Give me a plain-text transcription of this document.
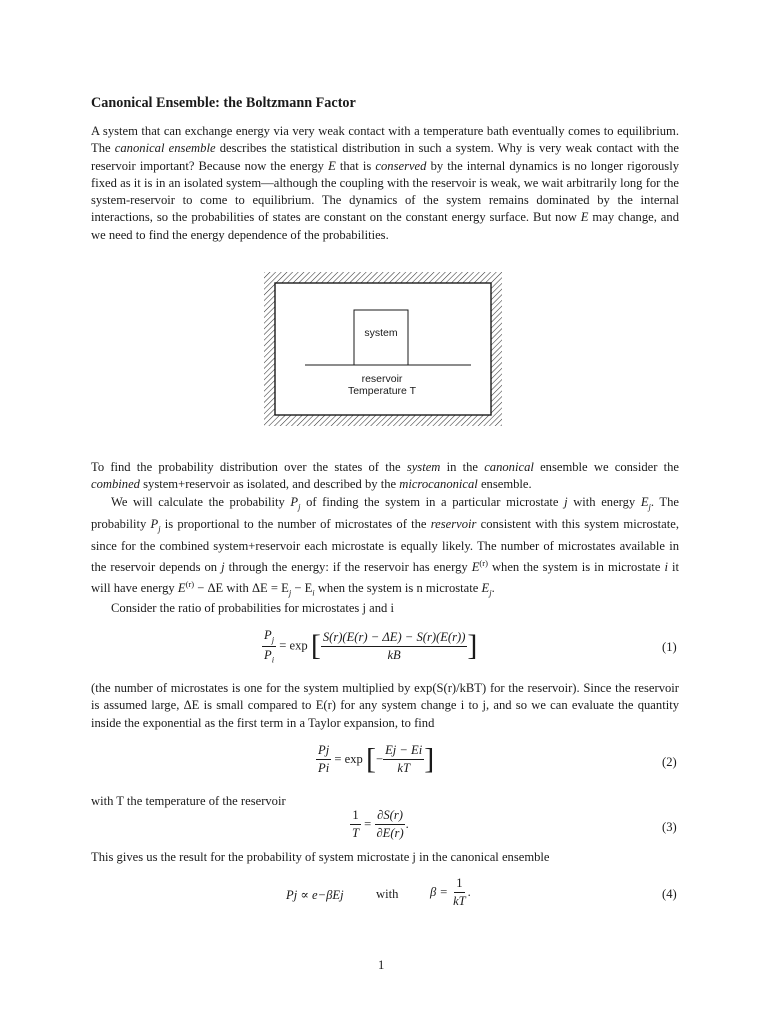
Canonical Ensemble: the Boltzmann Factor

A system that can exchange energy via very weak contact with a temperature bath eventually comes to equilibrium. The canonical ensemble describes the statistical distribution in such a system. Why is very weak contact with the reservoir important? Because now the energy E that is conserved by the internal dynamics is no longer rigorously fixed as it is in an isolated system—although the coupling with the reservoir is weak, we wait arbitrarily long for the system-reservoir to come to equilibrium. The dynamics of the system remains dominated by the internal interactions, so the probabilities of states are constant on the constant energy surface. But now E may change, and we need to find the energy dependence of the probabilities.

system
reservoir
Temperature T

To find the probability distribution over the states of the system in the canonical ensemble we consider the combined system+reservoir as isolated, and described by the microcanonical ensemble.

We will calculate the probability $P_j$ of finding the system in a particular microstate j with energy $E_j$. The probability $P_j$ is proportional to the number of microstates of the reservoir consistent with this system microstate, since for the combined system+reservoir each microstate is equally likely. The number of microstates available in the reservoir depends on j through the energy: if the reservoir has energy $E^{(r)}$ when the system is in microstate i it will have energy $E^{(r)} - \Delta E$ with $\Delta E = E_j - E_i$ when the system is n microstate $E_j$.

Consider the ratio of probabilities for microstates j and i

$\frac{P_j}{P_i} = \exp$ [ $\frac{S(r)(E(r) - \Delta E) - S(r)(E(r))}{kB}$ ]	(1)

(the number of microstates is one for the system multiplied by exp(S(r)/kBT) for the reservoir). Since the reservoir is assumed large, ΔE is small compared to E(r) for any system change i to j, and so we can evaluate the quantity inside the exponential as the first term in a Taylor expansion, to find

$\frac{Pj}{Pi} = \exp$ [− $\frac{Ej - Ei}{kT}$ ]	(2)

with T the temperature of the reservoir

$\frac{1}{T} = \frac{\partial S(r)}{\partial E(r)}$ .	(3)

This gives us the result for the probability of system microstate j in the canonical ensemble

Pj ∝ e−βEj	with	$\beta = \frac{1}{kT}$ .	(4)
1
